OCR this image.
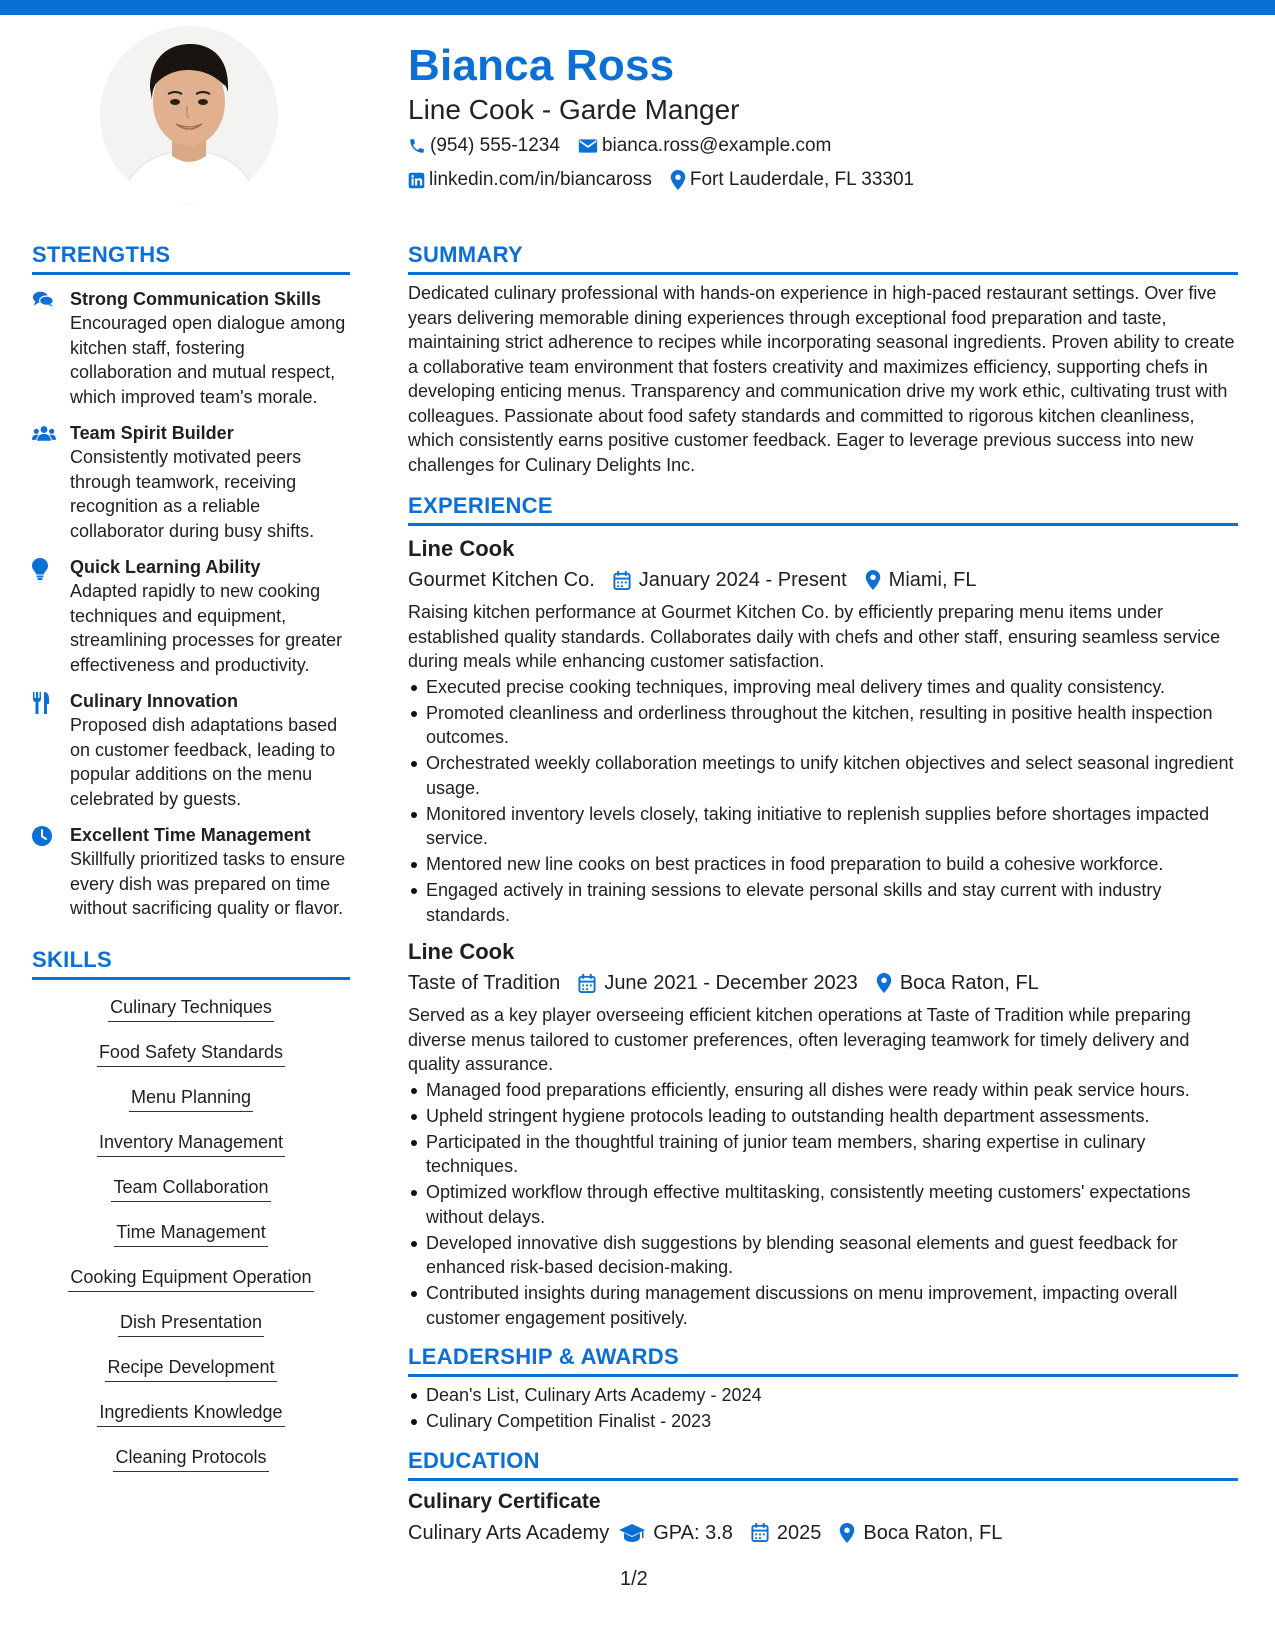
Bianca Ross
Line Cook - Garde Manger
(954) 555-1234 bianca.ross@example.com
linkedin.com/in/biancaross Fort Lauderdale, FL 33301
STRENGTHS
Strong Communication Skills
Encouraged open dialogue among kitchen staff, fostering collaboration and mutual respect, which improved team's morale.
Team Spirit Builder
Consistently motivated peers through teamwork, receiving recognition as a reliable collaborator during busy shifts.
Quick Learning Ability
Adapted rapidly to new cooking techniques and equipment, streamlining processes for greater effectiveness and productivity.
Culinary Innovation
Proposed dish adaptations based on customer feedback, leading to popular additions on the menu celebrated by guests.
Excellent Time Management
Skillfully prioritized tasks to ensure every dish was prepared on time without sacrificing quality or flavor.
SKILLS
Culinary Techniques
Food Safety Standards
Menu Planning
Inventory Management
Team Collaboration
Time Management
Cooking Equipment Operation
Dish Presentation
Recipe Development
Ingredients Knowledge
Cleaning Protocols
SUMMARY
Dedicated culinary professional with hands-on experience in high-paced restaurant settings. Over five years delivering memorable dining experiences through exceptional food preparation and taste, maintaining strict adherence to recipes while incorporating seasonal ingredients. Proven ability to create a collaborative team environment that fosters creativity and maximizes efficiency, supporting chefs in developing enticing menus. Transparency and communication drive my work ethic, cultivating trust with colleagues. Passionate about food safety standards and committed to rigorous kitchen cleanliness, which consistently earns positive customer feedback. Eager to leverage previous success into new challenges for Culinary Delights Inc.
EXPERIENCE
Line Cook
Gourmet Kitchen Co. January 2024 - Present Miami, FL
Raising kitchen performance at Gourmet Kitchen Co. by efficiently preparing menu items under established quality standards. Collaborates daily with chefs and other staff, ensuring seamless service during meals while enhancing customer satisfaction.
Executed precise cooking techniques, improving meal delivery times and quality consistency.
Promoted cleanliness and orderliness throughout the kitchen, resulting in positive health inspection outcomes.
Orchestrated weekly collaboration meetings to unify kitchen objectives and select seasonal ingredient usage.
Monitored inventory levels closely, taking initiative to replenish supplies before shortages impacted service.
Mentored new line cooks on best practices in food preparation to build a cohesive workforce.
Engaged actively in training sessions to elevate personal skills and stay current with industry standards.
Line Cook
Taste of Tradition June 2021 - December 2023 Boca Raton, FL
Served as a key player overseeing efficient kitchen operations at Taste of Tradition while preparing diverse menus tailored to customer preferences, often leveraging teamwork for timely delivery and quality assurance.
Managed food preparations efficiently, ensuring all dishes were ready within peak service hours.
Upheld stringent hygiene protocols leading to outstanding health department assessments.
Participated in the thoughtful training of junior team members, sharing expertise in culinary techniques.
Optimized workflow through effective multitasking, consistently meeting customers' expectations without delays.
Developed innovative dish suggestions by blending seasonal elements and guest feedback for enhanced risk-based decision-making.
Contributed insights during management discussions on menu improvement, impacting overall customer engagement positively.
LEADERSHIP & AWARDS
Dean's List, Culinary Arts Academy - 2024
Culinary Competition Finalist - 2023
EDUCATION
Culinary Certificate
Culinary Arts Academy GPA: 3.8 2025 Boca Raton, FL
1/2
